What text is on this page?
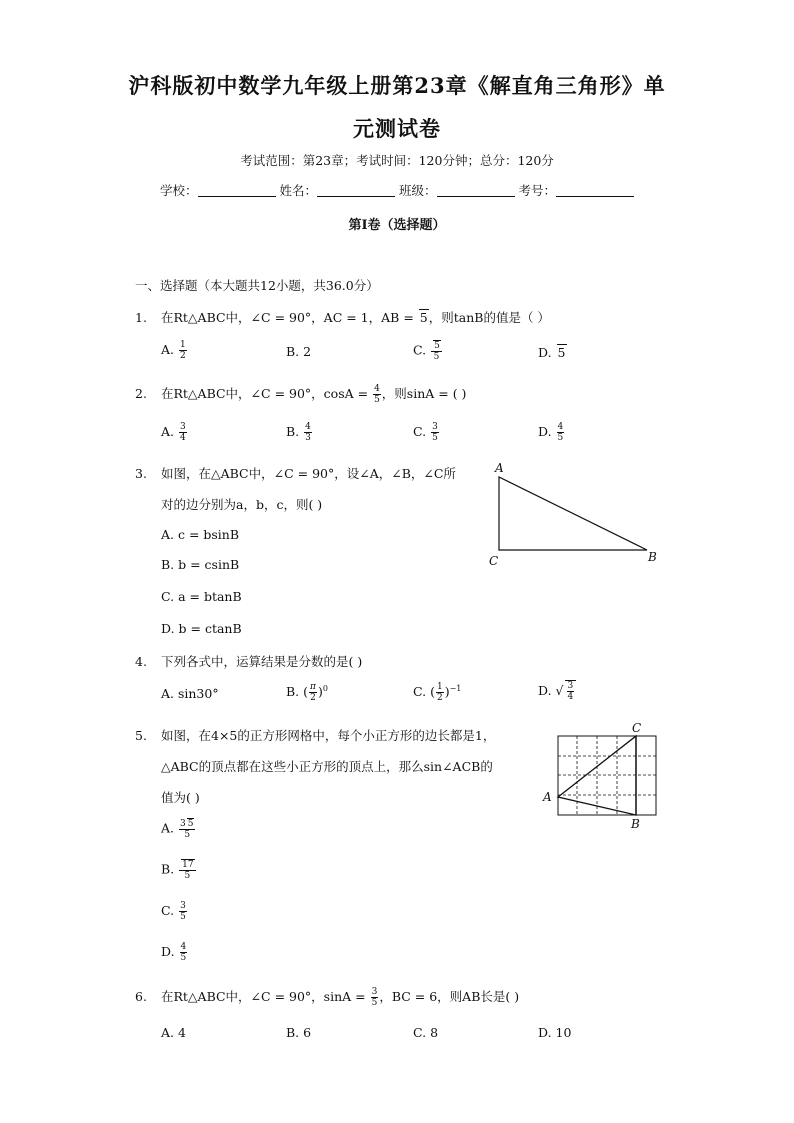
沪科版初中数学九年级上册第23章《解直角三角形》单
元测试卷
考试范围：第23章；考试时间：120分钟；总分：120分
学校：	姓名：	班级：	考号：
第I卷（选择题）
一、选择题（本大题共12小题，共36.0分）
1. 在Rt△ABC中，∠C = 90°，AC = 1，AB = 5，则tanB的值是（ ）
A. $\frac{1}{2}$	B. 2	C. $\frac{5}{5}$	D. 5
2. 在Rt△ABC中，∠C = 90°，$\cos A = \frac{4}{5}$ ，则sinA = ( )
A. $\frac{3}{4}$	B. $\frac{4}{3}$	C. $\frac{3}{5}$	D. $\frac{4}{5}$
3. 如图，在△ABC中，∠C = 90°，设∠A，∠B，∠C所
对的边分别为a，b，c，则( )
A. c = bsinB
B. b = csinB
C. a = btanB
D. b = ctanB
A
C	B
4. 下列各式中，运算结果是分数的是( )
A. sin30°	B. ( $\frac{\pi}{2} )^0$	C. ( $\frac{1}{2} )^{-1}$	D. √ $\frac{3}{4}$
5. 如图，在4×5的正方形网格中，每个小正方形的边长都是1，
△ABC的顶点都在这些小正方形的顶点上，那么sin∠ACB的
值为( )
A. $\frac{3 5}{5}$
B. $\frac{17}{5}$
C. $\frac{3}{5}$
D. $\frac{4}{5}$
A
B
C
6. 在Rt△ABC中，∠C = 90°，$\sin A = \frac{3}{5}$ ，BC = 6，则AB长是( )
A. 4	B. 6	C. 8	D. 10
